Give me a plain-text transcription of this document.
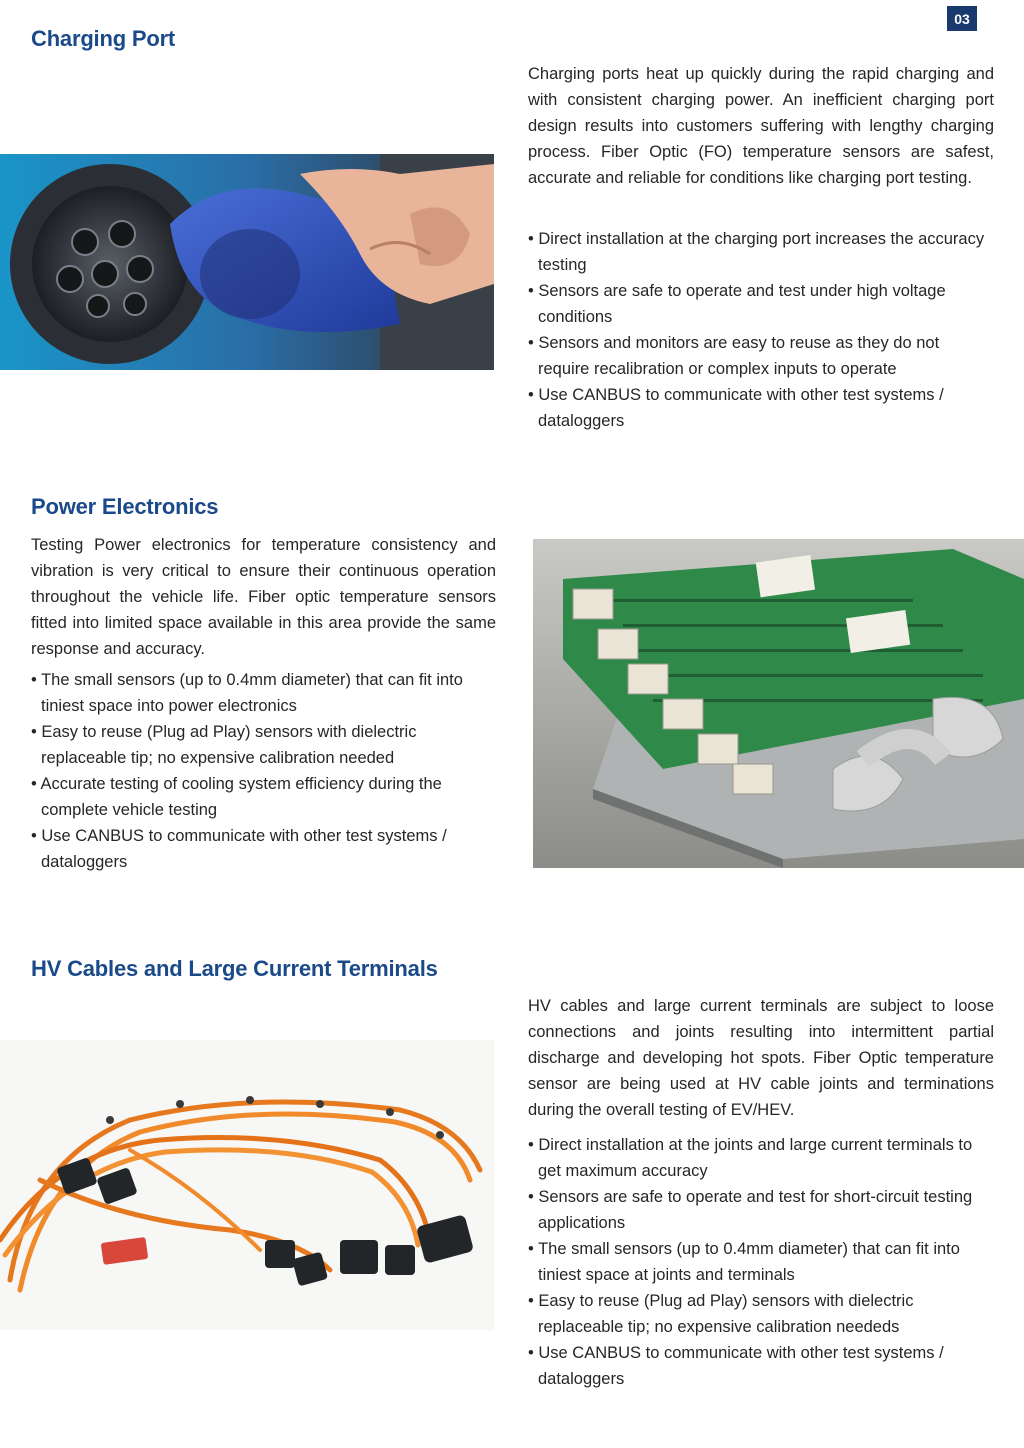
03
Charging Port

Charging ports heat up quickly during the rapid charging and with consistent charging power. An inefficient charging port design results into customers suffering with lengthy charging process. Fiber Optic (FO) temperature sensors are safest, accurate and reliable for conditions like charging port testing.

• Direct installation at the charging port increases the accuracy testing
• Sensors are safe to operate and test under high voltage conditions
• Sensors and monitors are easy to reuse as they do not require recalibration or complex inputs to operate
• Use CANBUS to communicate with other test systems / dataloggers
Power Electronics

Testing Power electronics for temperature consistency and vibration is very critical to ensure their continuous operation throughout the vehicle life. Fiber optic temperature sensors fitted into limited space available in this area provide the same response and accuracy.

• The small sensors (up to 0.4mm diameter) that can fit into tiniest space into power electronics
• Easy to reuse (Plug ad Play) sensors with dielectric replaceable tip; no expensive calibration needed
• Accurate testing of cooling system efficiency during the complete vehicle testing
• Use CANBUS to communicate with other test systems / dataloggers
HV Cables and Large Current Terminals

HV cables and large current terminals are subject to loose connections and joints resulting into intermittent partial discharge and developing hot spots. Fiber Optic temperature sensor are being used at HV cable joints and terminations during the overall testing of EV/HEV.

• Direct installation at the joints and large current terminals to get maximum accuracy
• Sensors are safe to operate and test for short-circuit testing applications
• The small sensors (up to 0.4mm diameter) that can fit into tiniest space at joints and terminals
• Easy to reuse (Plug ad Play) sensors with dielectric replaceable tip; no expensive calibration neededs
• Use CANBUS to communicate with other test systems / dataloggers
